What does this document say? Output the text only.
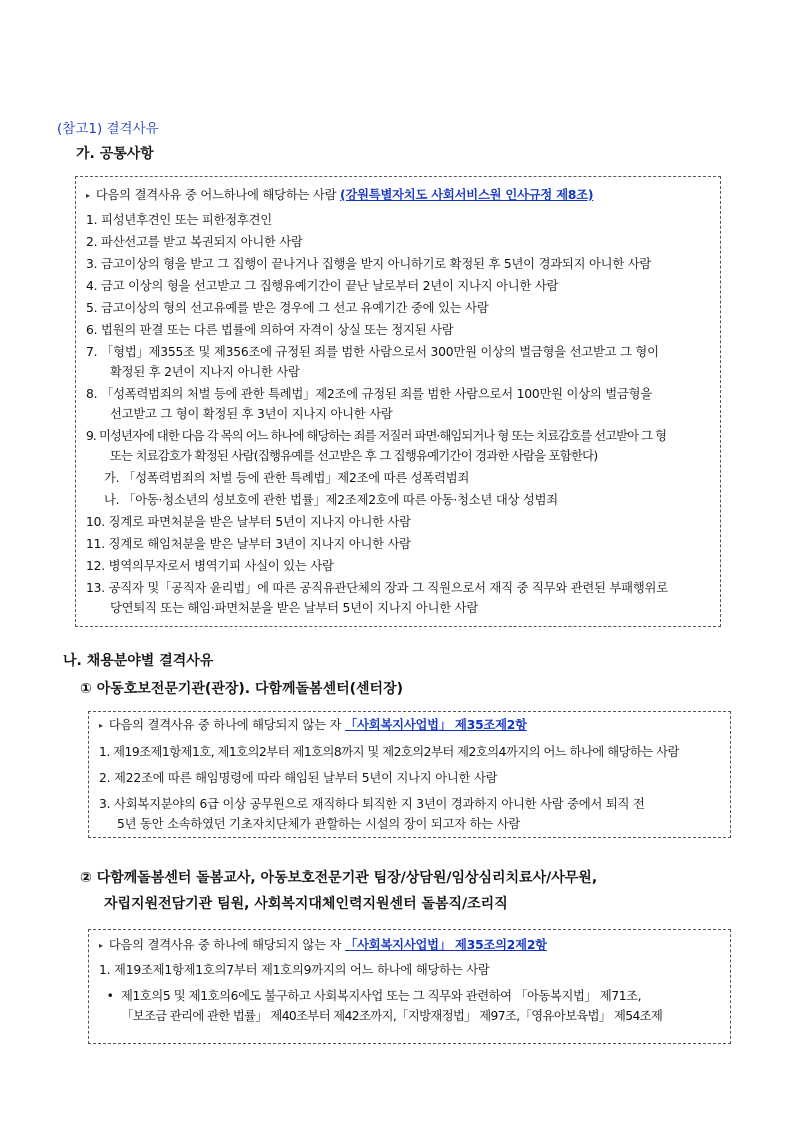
(참고1) 결격사유
가. 공통사항
▸ 다음의 결격사유 중 어느하나에 해당하는 사람 (강원특별자치도 사회서비스원 인사규정 제8조)
1. 피성년후견인 또는 피한정후견인
2. 파산선고를 받고 복권되지 아니한 사람
3. 금고이상의 형을 받고 그 집행이 끝나거나 집행을 받지 아니하기로 확정된 후 5년이 경과되지 아니한 사람
4. 금고 이상의 형을 선고받고 그 집행유예기간이 끝난 날로부터 2년이 지나지 아니한 사람
5. 금고이상의 형의 선고유예를 받은 경우에 그 선고 유예기간 중에 있는 사람
6. 법원의 판결 또는 다른 법률에 의하여 자격이 상실 또는 정지된 사람
7. 「형법」제355조 및 제356조에 규정된 죄를 범한 사람으로서 300만원 이상의 벌금형을 선고받고 그 형이
확정된 후 2년이 지나지 아니한 사람
8. 「성폭력범죄의 처벌 등에 관한 특례법」제2조에 규정된 죄를 범한 사람으로서 100만원 이상의 벌금형을
선고받고 그 형이 확정된 후 3년이 지나지 아니한 사람
9. 미성년자에 대한 다음 각 목의 어느 하나에 해당하는 죄를 저질러 파면·해임되거나 형 또는 치료감호를 선고받아 그 형
또는 치료감호가 확정된 사람(집행유예를 선고받은 후 그 집행유예기간이 경과한 사람을 포함한다)
가. 「성폭력범죄의 처벌 등에 관한 특례법」제2조에 따른 성폭력범죄
나. 「아동·청소년의 성보호에 관한 법률」제2조제2호에 따른 아동·청소년 대상 성범죄
10. 징계로 파면처분을 받은 날부터 5년이 지나지 아니한 사람
11. 징계로 해임처분을 받은 날부터 3년이 지나지 아니한 사람
12. 병역의무자로서 병역기피 사실이 있는 사람
13. 공직자 및「공직자 윤리법」에 따른 공직유관단체의 장과 그 직원으로서 재직 중 직무와 관련된 부패행위로
당연퇴직 또는 해임·파면처분을 받은 날부터 5년이 지나지 아니한 사람
나. 채용분야별 결격사유
① 아동호보전문기관(관장). 다함께돌봄센터(센터장)
▸ 다음의 결격사유 중 하나에 해당되지 않는 자 「사회복지사업법」 제35조제2항
1. 제19조제1항제1호, 제1호의2부터 제1호의8까지 및 제2호의2부터 제2호의4까지의 어느 하나에 해당하는 사람
2. 제22조에 따른 해임명령에 따라 해임된 날부터 5년이 지나지 아니한 사람
3. 사회복지분야의 6급 이상 공무원으로 재직하다 퇴직한 지 3년이 경과하지 아니한 사람 중에서 퇴직 전
5년 동안 소속하였던 기초자치단체가 관할하는 시설의 장이 되고자 하는 사람
② 다함께돌봄센터 돌봄교사, 아동보호전문기관 팀장/상담원/임상심리치료사/사무원,
자립지원전담기관 팀원, 사회복지대체인력지원센터 돌봄직/조리직
▸ 다음의 결격사유 중 하나에 해당되지 않는 자 「사회복지사업법」 제35조의2제2항
1. 제19조제1항제1호의7부터 제1호의9까지의 어느 하나에 해당하는 사람
• 제1호의5 및 제1호의6에도 불구하고 사회복지사업 또는 그 직무와 관련하여 「아동복지법」 제71조,
「보조금 관리에 관한 법률」 제40조부터 제42조까지,「지방재정법」 제97조,「영유아보육법」 제54조제
